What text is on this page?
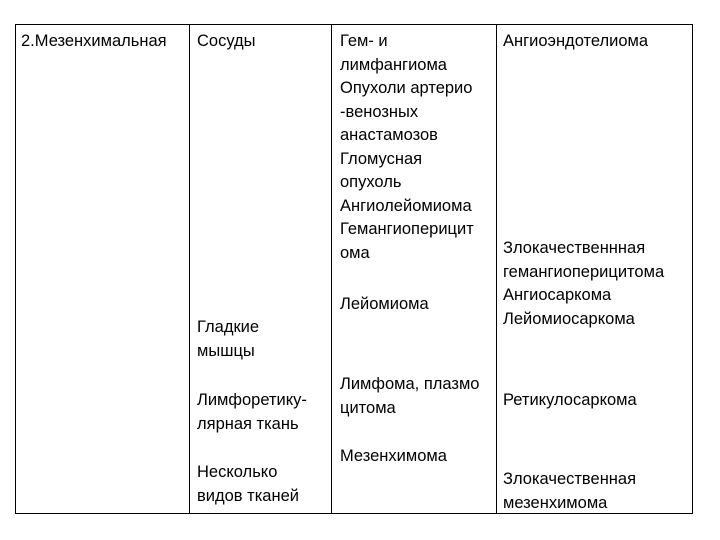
2.Мезенхимальная Сосуды
Гладкие
мышцы
Лимфоретику-
лярная ткань
Несколько
видов тканей
Гем- и
лимфангиома
Опухоли артерио
-венозных
анастамозов
Гломусная
опухоль
Ангиолейомиома
Гемангиоперицит
ома
Лейомиома
Лимфома, плазмо
цитома
Мезенхимома
Ангиоэндотелиома
Злокачественнная
гемангиоперицитома
Ангиосаркома
Лейомиосаркома
Ретикулосаркома
Злокачественная
мезенхимома
